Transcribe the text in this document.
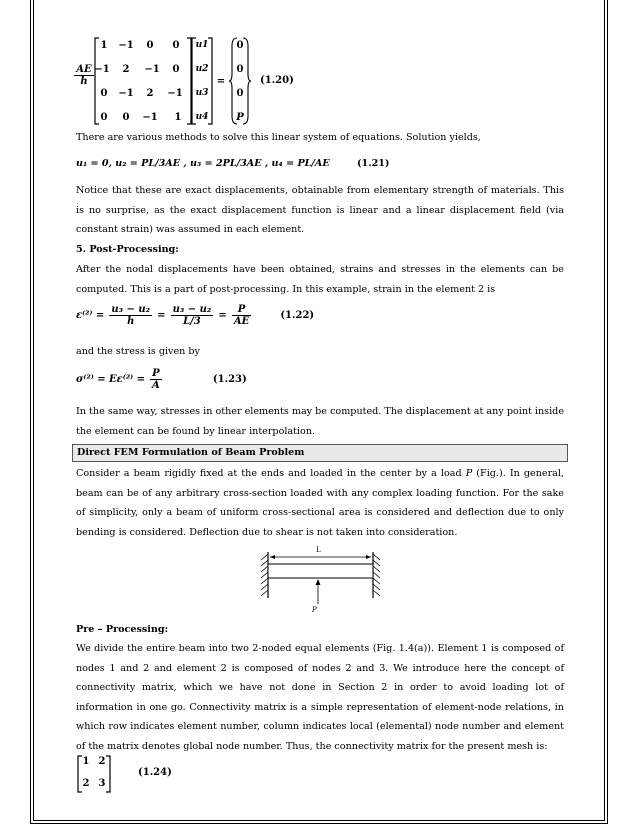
$\frac{AE}{h}$
1	−1	0	0
−1	2	−1	0
0	−1	2	−1
0	0	−1	1
u1
u2
u3
u4
=
0
0
0
P
(1.20)
There are various methods to solve this linear system of equations. Solution yields,
u₁ = 0, u₂ = PL/3AE , u₃ = 2PL/3AE , u₄ = PL/AE	(1.21)
Notice that these are exact displacements, obtainable from elementary strength of materials. This is no surprise, as the exact displacement function is linear and a linear displacement field (via constant strain) was assumed in each element.
5. Post-Processing:
After the nodal displacements have been obtained, strains and stresses in the elements can be computed. This is a part of post-processing. In this example, strain in the element 2 is
$\varepsilon^{(2)} = \frac{\text{u₃ − u₂}}{h} = \frac{\text{u₃ − u₂}}{L/3} = \frac{P}{AE}$	(1.22)
and the stress is given by
$\sigma^{(2)} = E\varepsilon^{(2)} = \frac{P}{A}$	(1.23)
In the same way, stresses in other elements may be computed. The displacement at any point inside the element can be found by linear interpolation.
Direct FEM Formulation of Beam Problem
Consider a beam rigidly fixed at the ends and loaded in the center by a load P (Fig.). In general, beam can be of any arbitrary cross-section loaded with any complex loading function. For the sake of simplicity, only a beam of uniform cross-sectional area is considered and deflection due to only bending is considered. Deflection due to shear is not taken into consideration.
L
P
Pre – Processing:
We divide the entire beam into two 2-noded equal elements (Fig. 1.4(a)). Element 1 is composed of nodes 1 and 2 and element 2 is composed of nodes 2 and 3. We introduce here the concept of connectivity matrix, which we have not done in Section 2 in order to avoid loading lot of information in one go. Connectivity matrix is a simple representation of element-node relations, in which row indicates element number, column indicates local (elemental) node number and element of the matrix denotes global node number. Thus, the connectivity matrix for the present mesh is:
1 2
2 3
(1.24)
